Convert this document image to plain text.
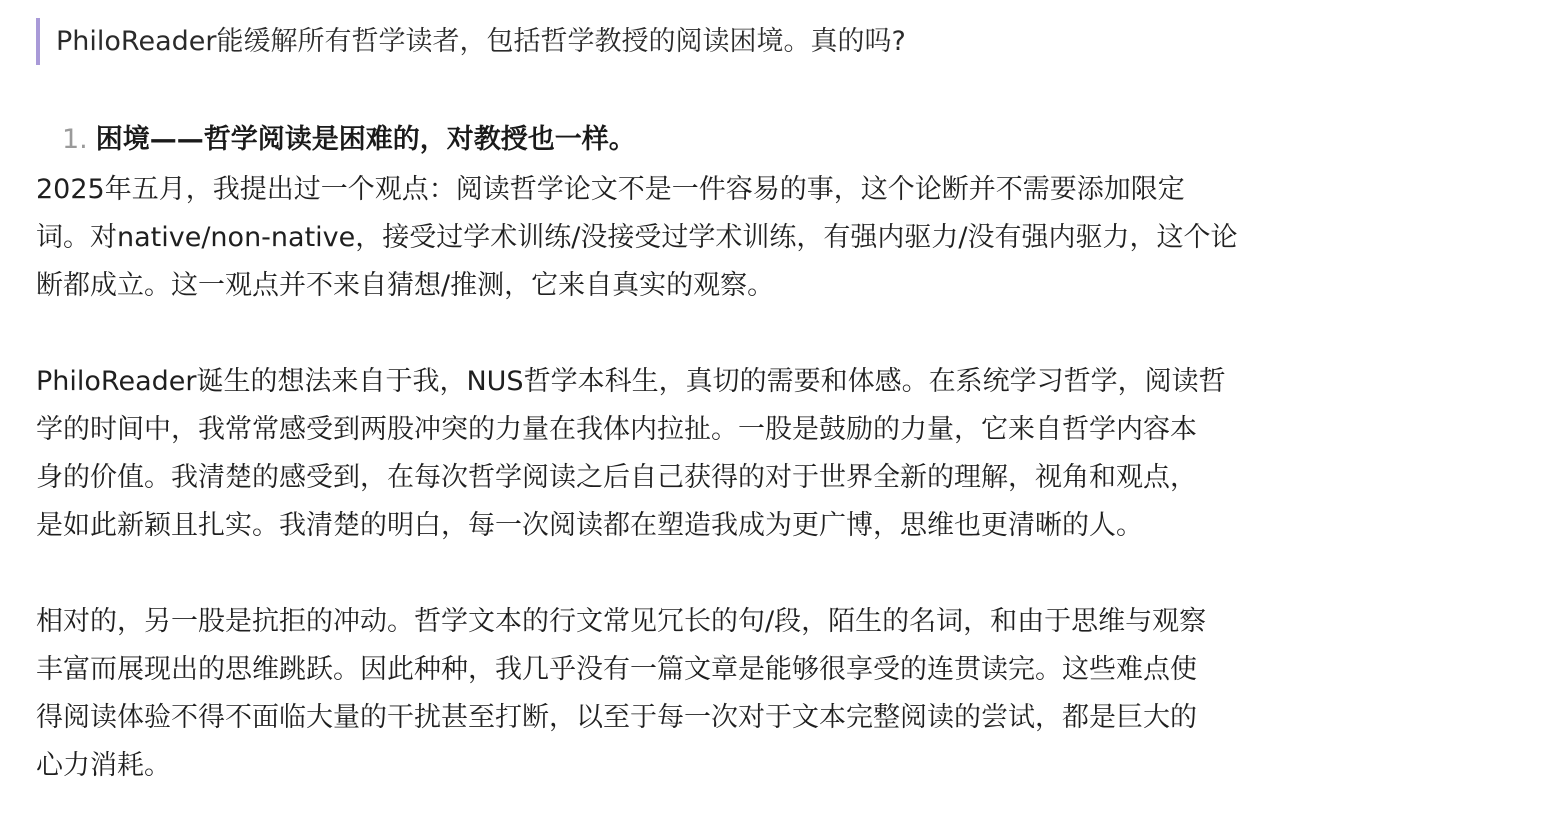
PhiloReader能缓解所有哲学读者，包括哲学教授的阅读困境。真的吗?
1. 困境——哲学阅读是困难的，对教授也一样。

2025年五月，我提出过一个观点：阅读哲学论文不是一件容易的事，这个论断并不需要添加限定
词。对native/non-native，接受过学术训练/没接受过学术训练，有强内驱力/没有强内驱力，这个论
断都成立。这一观点并不来自猜想/推测，它来自真实的观察。

PhiloReader诞生的想法来自于我，NUS哲学本科生，真切的需要和体感。在系统学习哲学，阅读哲
学的时间中，我常常感受到两股冲突的力量在我体内拉扯。一股是鼓励的力量，它来自哲学内容本
身的价值。我清楚的感受到，在每次哲学阅读之后自己获得的对于世界全新的理解，视角和观点，
是如此新颖且扎实。我清楚的明白，每一次阅读都在塑造我成为更广博，思维也更清晰的人。

相对的，另一股是抗拒的冲动。哲学文本的行文常见冗长的句/段，陌生的名词，和由于思维与观察
丰富而展现出的思维跳跃。因此种种，我几乎没有一篇文章是能够很享受的连贯读完。这些难点使
得阅读体验不得不面临大量的干扰甚至打断，以至于每一次对于文本完整阅读的尝试，都是巨大的
心力消耗。
